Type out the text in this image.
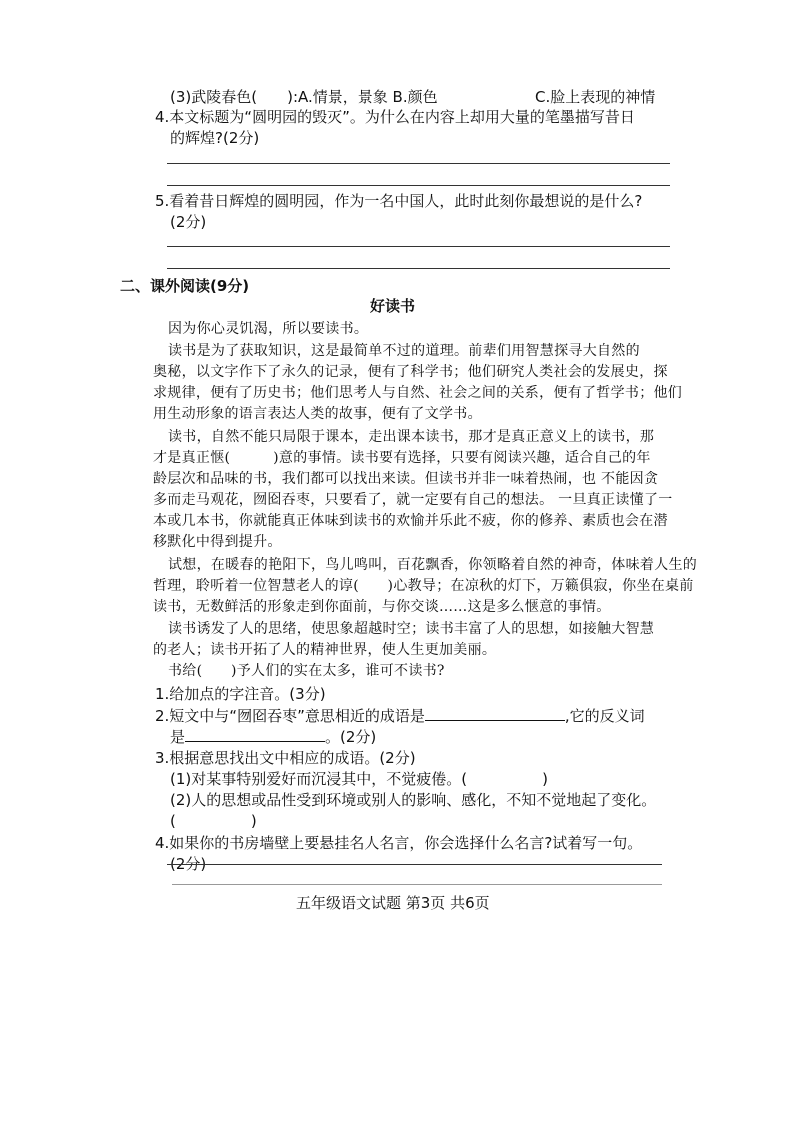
(3)武陵春色(　　):A.情景，景象 B.颜色	C.脸上表现的神情
4.本文标题为“圆明园的毁灭”。为什么在内容上却用大量的笔墨描写昔日
的辉煌?(2分)
5.看着昔日辉煌的圆明园，作为一名中国人，此时此刻你最想说的是什么?
(2分)
二、课外阅读(9分)
好读书
因为你心灵饥渴，所以要读书。
读书是为了获取知识，这是最简单不过的道理。前辈们用智慧探寻大自然的
奥秘，以文字作下了永久的记录，便有了科学书；他们研究人类社会的发展史，探
求规律，便有了历史书；他们思考人与自然、社会之间的关系，便有了哲学书；他们
用生动形象的语言表达人类的故事，便有了文学书。
读书，自然不能只局限于课本，走出课本读书，那才是真正意义上的读书，那
才是真正惬(　　　)意的事情。读书要有选择，只要有阅读兴趣，适合自己的年
龄层次和品味的书，我们都可以找出来读。但读书并非一味着热闹，也 不能因贪
多而走马观花，囫囵吞枣，只要看了，就一定要有自己的想法。 一旦真正读懂了一
本或几本书，你就能真正体味到读书的欢愉并乐此不疲，你的修养、素质也会在潜
移默化中得到提升。
试想，在暖春的艳阳下，鸟儿鸣叫，百花飘香，你领略着自然的神奇，体味着人生的
哲理，聆听着一位智慧老人的谆(　　)心教导；在凉秋的灯下，万籁俱寂，你坐在桌前
读书，无数鲜活的形象走到你面前，与你交谈……这是多么惬意的事情。
读书诱发了人的思绪，使思象超越时空；读书丰富了人的思想，如接触大智慧
的老人；读书开拓了人的精神世界，使人生更加美丽。
书给(　　)予人们的实在太多，谁可不读书?
1.给加点的字注音。(3分)
2.短文中与“囫囵吞枣”意思相近的成语是	,它的反义词
是	。(2分)
3.根据意思找出文中相应的成语。(2分)
(1)对某事特别爱好而沉浸其中，不觉疲倦。(　　　　　)
(2)人的思想或品性受到环境或别人的影响、感化，不知不觉地起了变化。
(　　　　　)
4.如果你的书房墙壁上要悬挂名人名言，你会选择什么名言?试着写一句。
(2分)
五年级语文试题 第3页 共6页
